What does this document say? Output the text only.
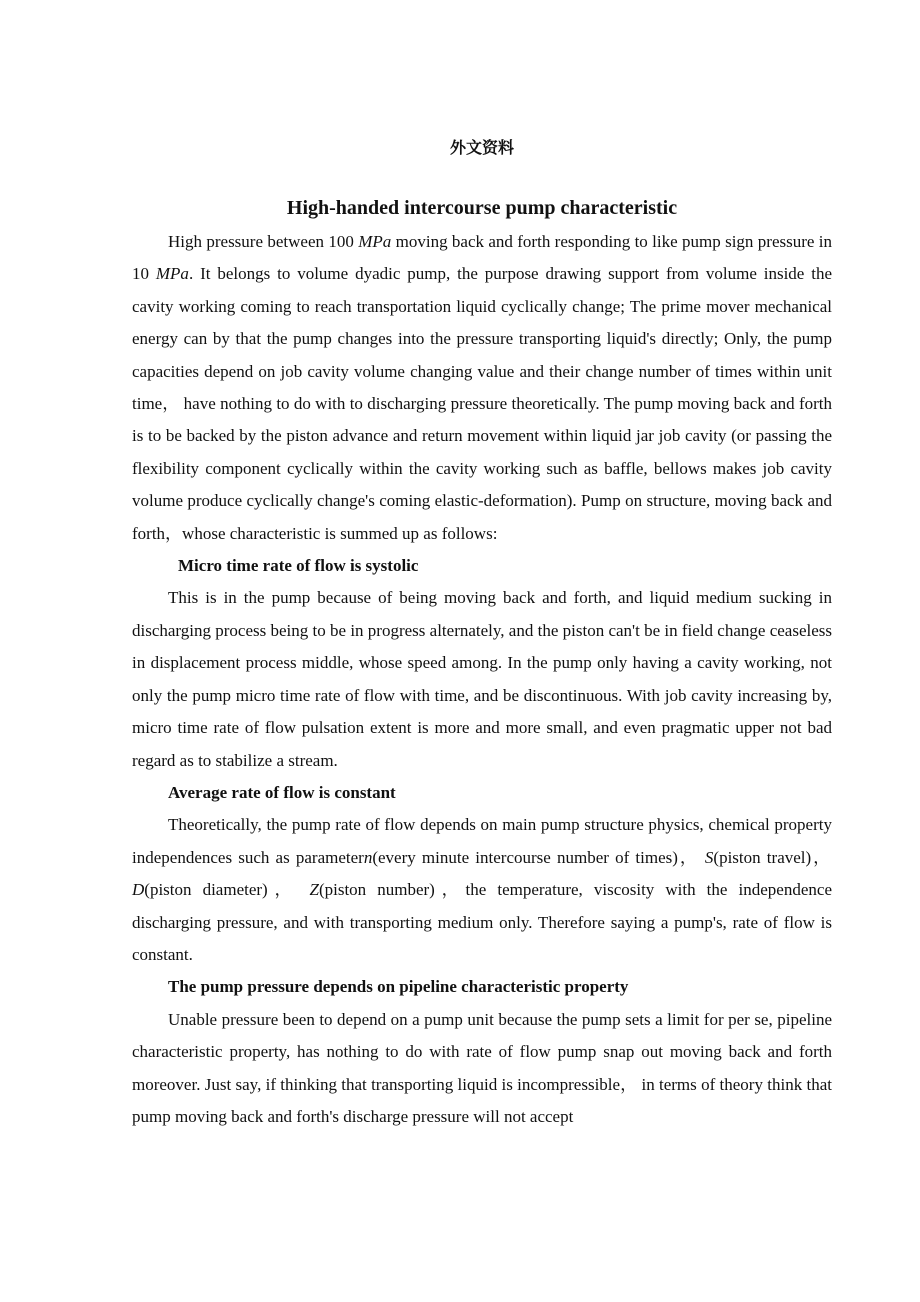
外文资料
High-handed intercourse pump characteristic

High pressure between 100 MPa moving back and forth responding to like pump sign pressure in 10 MPa. It belongs to volume dyadic pump, the purpose drawing support from volume inside the cavity working coming to reach transportation liquid cyclically change; The prime mover mechanical energy can by that the pump changes into the pressure transporting liquid's directly; Only, the pump capacities depend on job cavity volume changing value and their change number of times within unit time， have nothing to do with to discharging pressure theoretically. The pump moving back and forth is to be backed by the piston advance and return movement within liquid jar job cavity (or passing the flexibility component cyclically within the cavity working such as baffle, bellows makes job cavity volume produce cyclically change's coming elastic-deformation). Pump on structure, moving back and forth，whose characteristic is summed up as follows:

Micro time rate of flow is systolic

This is in the pump because of being moving back and forth, and liquid medium sucking in discharging process being to be in progress alternately, and the piston can't be in field change ceaseless in displacement process middle, whose speed among. In the pump only having a cavity working, not only the pump micro time rate of flow with time, and be discontinuous. With job cavity increasing by, micro time rate of flow pulsation extent is more and more small, and even pragmatic upper not bad regard as to stabilize a stream.

Average rate of flow is constant

Theoretically, the pump rate of flow depends on main pump structure physics, chemical property independences such as parametern(every minute intercourse number of times)， S(piston travel)， D(piston diameter)， Z(piston number)，the temperature, viscosity with the independence discharging pressure, and with transporting medium only. Therefore saying a pump's, rate of flow is constant.

The pump pressure depends on pipeline characteristic property

Unable pressure been to depend on a pump unit because the pump sets a limit for per se, pipeline characteristic property, has nothing to do with rate of flow pump snap out moving back and forth moreover. Just say, if thinking that transporting liquid is incompressible， in terms of theory think that pump moving back and forth's discharge pressure will not accept
